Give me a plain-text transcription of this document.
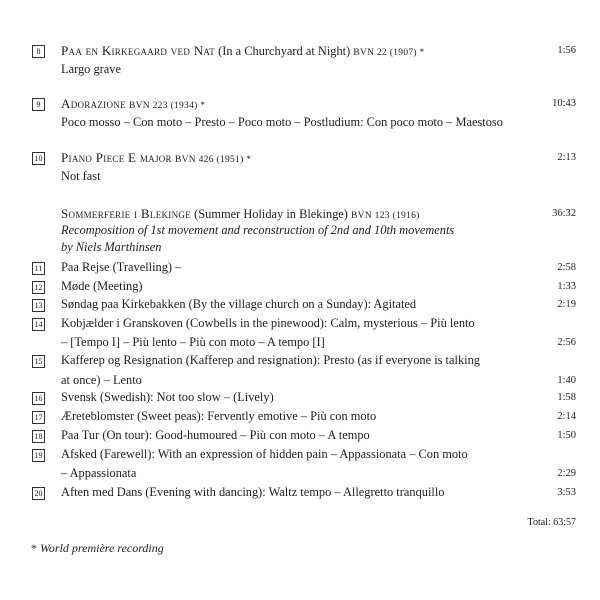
8	Paa en Kirkegaard ved Nat (In a Churchyard at Night) BVN 22 (1907) *	1:56
Largo grave
9	Adorazione BVN 223 (1934) *	10:43
Poco mosso – Con moto – Presto – Poco moto – Postludium: Con poco moto – Maestoso
10 Piano Piece E major BVN 426 (1951) *	2:13
Not fast
Sommerferie i Blekinge (Summer Holiday in Blekinge) BVN 123 (1916)	36:32
Recomposition of 1st movement and reconstruction of 2nd and 10th movements
by Niels Marthinsen
11 Paa Rejse (Travelling) –	2:58
12 Møde (Meeting)	1:33
13 Søndag paa Kirkebakken (By the village church on a Sunday): Agitated	2:19
14 Kobjælder i Granskoven (Cowbells in the pinewood): Calm, mysterious – Più lento
– [Tempo I] – Più lento – Più con moto – A tempo [I]	2:56
15 Kafferep og Resignation (Kafferep and resignation): Presto (as if everyone is talking
at once) – Lento	1:40
16 Svensk (Swedish): Not too slow – (Lively)	1:58
17 Æreteblomster (Sweet peas): Fervently emotive – Più con moto	2:14
18 Paa Tur (On tour): Good-humoured – Più con moto – A tempo	1:50
19 Afsked (Farewell): With an expression of hidden pain – Appassionata – Con moto
– Appassionata	2:29
20 Aften med Dans (Evening with dancing): Waltz tempo – Allegretto tranquillo	3:53
Total: 63:57
* World première recording
